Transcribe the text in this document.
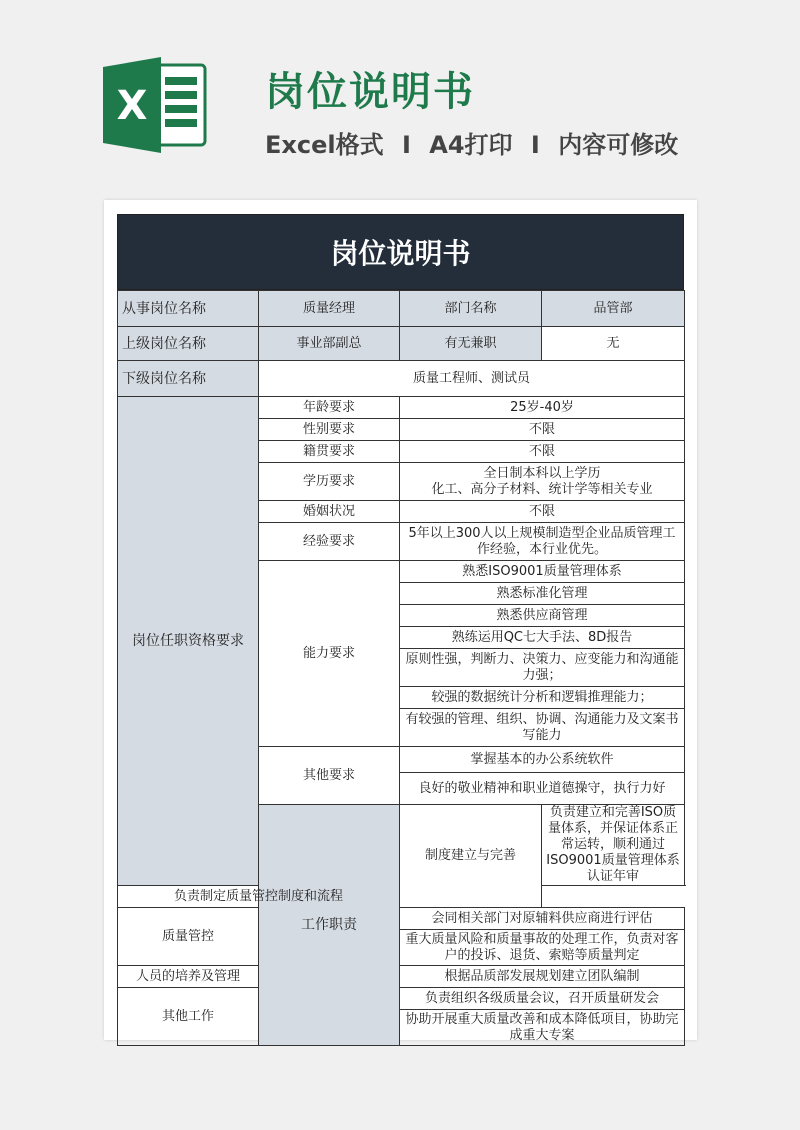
X	岗位说明书
Excel格式 I A4打印 I 内容可修改
岗位说明书
从事岗位名称	质量经理	部门名称	品管部
上级岗位名称	事业部副总	有无兼职	无
下级岗位名称	质量工程师、测试员		
岗位任职资格要求	年龄要求	25岁-40岁	
	性别要求	不限	
	籍贯要求	不限	
	学历要求	全日制本科以上学历
化工、高分子材料、统计学等相关专业	

	婚姻状况	不限	
	经验要求	5年以上300人以上规模制造型企业品质管理工作经验，本行业优先。	
	能力要求	熟悉ISO9001质量管理体系	
		熟悉标准化管理	
		熟悉供应商管理	
		熟练运用QC七大手法、8D报告	
		原则性强，判断力、决策力、应变能力和沟通能力强；	
		较强的数据统计分析和逻辑推理能力；	
		有较强的管理、组织、协调、沟通能力及文案书写能力	
	其他要求	掌握基本的办公系统软件	
		良好的敬业精神和职业道德操守，执行力好	
	工作职责	制度建立与完善	负责建立和完善ISO质量体系，并保证体系正常运转，顺利通过ISO9001质量管理体系认证年审
负责制定质量管控制度和流程			
质量管控		会同相关部门对原辅料供应商进行评估	
		重大质量风险和质量事故的处理工作，负责对客户的投诉、退货、索赔等质量判定	
人员的培养及管理		根据品质部发展规划建立团队编制	
其他工作		负责组织各级质量会议，召开质量研发会	
		协助开展重大质量改善和成本降低项目，协助完成重大专案	
